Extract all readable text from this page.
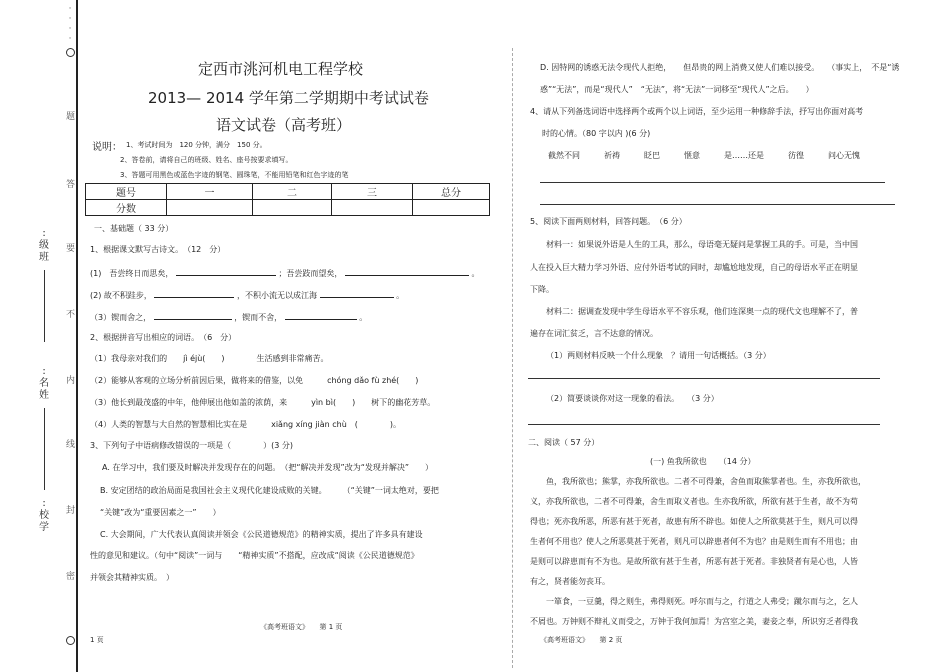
·
·
·
·
题
答
要
不
内
线
封
密
:
级
班
:
名
姓
:
校
学
定西市洮河机电工程学校
2013— 2014 学年第二学期期中考试试卷
语文试卷（高考班）
说明： 1、考试时间为　120 分钟，满分　150 分。
2、答卷前，请将自己的班级、姓名、座号按要求填写。
3、答题可用黑色或蓝色字迹的钢笔、圆珠笔，不能用铅笔和红色字迹的笔
题号	一	二	三	总分
分数				
一、基础题（ 33 分）
1、根据课文默写古诗文。　（12　分）
(1)　吾尝终日而思矣，	；吾尝跂而望矣，	。
(2) 故不积跬步，	，不积小流无以成江海	。
（3）锲而舍之，	，锲而不舍，	。
2、根据拼音写出相应的词语。　（6　分）
（1）我母亲对我们的　　jì éjù(　　)　　　　生活感到非常痛苦。
（2）能够从客观的立场分析前因后果，做将来的借鉴，以免　　　chóng dǎo fù zhé(　　)
（3）他长到最茂盛的中年，他伸展出他如盖的浓荫，来　　　yìn bì(　　)　　树下的幽花芳草。
（4）人类的智慧与大自然的智慧相比实在是　　　xiǎng xíng jiàn chù　(　　　　)。
3、下列句子中语病修改错误的一项是（　　　　）(3 分)
A. 在学习中，我们要及时解决并发现存在的问题。　（把“解决并发现”改为“发现并解决”　　）
B. 安定团结的政治局面是我国社会主义现代化建设成败的关键。　　　（“关键”一词太绝对，要把
“关键”改为“重要因素之一”　　）
C. 大会期间，广大代表认真阅读并领会《公民道德规范》的精神实质，提出了许多具有建设
性的意见和建议。（句中“阅读”一词与　　“精神实质”不搭配，应改成“阅读《公民道德规范》
并领会其精神实质。　）
《高考班语文》　　第 1 页
1 页
D. 因特网的诱惑无法令现代人拒绝，　　但昂贵的网上消费又使人们难以接受。　　（事实上，　不是“诱
惑”“无法”，而是“现代人”　“无法”，将“无法”一词移至“现代人”之后。　　）
4、请从下列备选词语中选择两个或两个以上词语，至少运用一种修辞手法，抒写出你面对高考
时的心情。（80 字以内 )(6 分)
截然不同	祈祷	眨巴	惬意	是……还是	彷徨	问心无愧
5、阅读下面两则材料，回答问题。　（6 分）
材料一：如果说外语是人生的工具，那么，母语毫无疑问是掌握工具的手。可是，当中国
人在投入巨大精力学习外语、应付外语考试的同时，却尴尬地发现，自己的母语水平正在明显
下降。
材料二：据调查发现中学生母语水平不容乐观，他们连深奥一点的现代文也理解不了，普
遍存在词汇贫乏，言不达意的情况。
（1）两则材料反映一个什么现象　？请用一句话概括。（3 分）
（2）简要谈谈你对这一现象的看法。　　（3 分）
二、阅读（ 57 分）
(一) 鱼我所欲也　　（14 分）
鱼，我所欲也；熊掌，亦我所欲也。二者不可得兼，舍鱼而取熊掌者也。生，亦我所欲也，
义，亦我所欲也，二者不可得兼，舍生而取义者也。生亦我所欲，所欲有甚于生者，故不为苟
得也；死亦我所恶，所恶有甚于死者，故患有所不辟也。如使人之所欲莫甚于生，则凡可以得
生者何不用也？使人之所恶莫甚于死者，则凡可以辟患者何不为也？由是则生而有不用也；由
是则可以辟患而有不为也。是故所欲有甚于生者，所恶有甚于死者。非独贤者有是心也，人皆
有之，贤者能勿丧耳。
一箪食，一豆羹，得之则生，弗得则死。呼尔而与之，行道之人弗受；蹴尔而与之，乞人
不屑也。万钟则不辩礼义而受之，万钟于我何加焉！为宫室之美，妻妾之奉，所识穷乏者得我
《高考班语文》　　第 2 页
